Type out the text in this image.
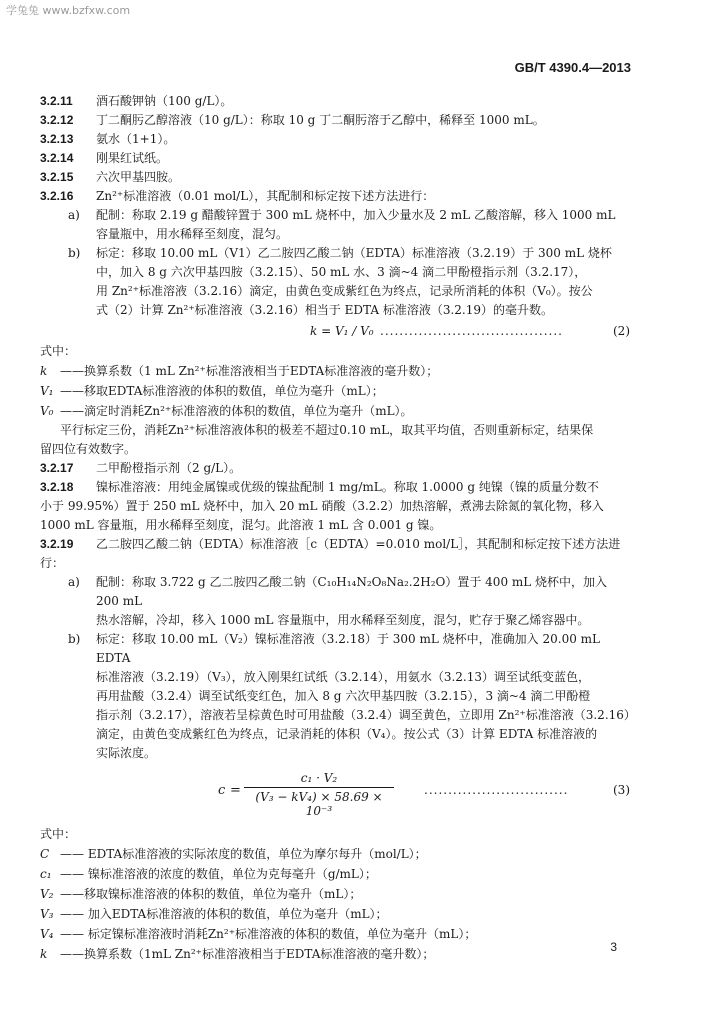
学兔兔 www.bzfxw.com
GB/T 4390.4—2013
3.2.11 酒石酸钾钠（100 g/L）。
3.2.12 丁二酮肟乙醇溶液（10 g/L）：称取 10 g 丁二酮肟溶于乙醇中，稀释至 1000 mL。
3.2.13 氨水（1+1）。
3.2.14 刚果红试纸。
3.2.15 六次甲基四胺。
3.2.16 Zn²⁺标准溶液（0.01 mol/L），其配制和标定按下述方法进行：
a) 配制：称取 2.19 g 醋酸锌置于 300 mL 烧杯中，加入少量水及 2 mL 乙酸溶解，移入 1000 mL
容量瓶中，用水稀释至刻度，混匀。
b) 标定：移取 10.00 mL（V1）乙二胺四乙酸二钠（EDTA）标准溶液（3.2.19）于 300 mL 烧杯
中，加入 8 g 六次甲基四胺（3.2.15）、50 mL 水、3 滴~4 滴二甲酚橙指示剂（3.2.17），
用 Zn²⁺标准溶液（3.2.16）滴定，由黄色变成紫红色为终点，记录所消耗的体积（V₀）。按公
式（2）计算 Zn²⁺标准溶液（3.2.16）相当于 EDTA 标准溶液（3.2.19）的毫升数。
k = V₁ / V₀ ......................................	(2)
式中：
k ——换算系数（1 mL Zn²⁺标准溶液相当于EDTA标准溶液的毫升数）；
V₁ ——移取EDTA标准溶液的体积的数值，单位为毫升（mL）；
V₀ ——滴定时消耗Zn²⁺标准溶液的体积的数值，单位为毫升（mL）。
平行标定三份，消耗Zn²⁺标准溶液体积的极差不超过0.10 mL，取其平均值，否则重新标定，结果保
留四位有效数字。
3.2.17 二甲酚橙指示剂（2 g/L）。
3.2.18 镍标准溶液：用纯金属镍或优级的镍盐配制 1 mg/mL。称取 1.0000 g 纯镍（镍的质量分数不
小于 99.95%）置于 250 mL 烧杯中，加入 20 mL 硝酸（3.2.2）加热溶解，煮沸去除氮的氧化物，移入
1000 mL 容量瓶，用水稀释至刻度，混匀。此溶液 1 mL 含 0.001 g 镍。
3.2.19 乙二胺四乙酸二钠（EDTA）标准溶液［c（EDTA）=0.010 mol/L］，其配制和标定按下述方法进
行：
a) 配制：称取 3.722 g 乙二胺四乙酸二钠（C₁₀H₁₄N₂O₈Na₂.2H₂O）置于 400 mL 烧杯中，加入 200 mL
热水溶解，冷却，移入 1000 mL 容量瓶中，用水稀释至刻度，混匀，贮存于聚乙烯容器中。
b) 标定：移取 10.00 mL（V₂）镍标准溶液（3.2.18）于 300 mL 烧杯中，准确加入 20.00 mL EDTA
标准溶液（3.2.19）（V₃），放入刚果红试纸（3.2.14），用氨水（3.2.13）调至试纸变蓝色，
再用盐酸（3.2.4）调至试纸变红色，加入 8 g 六次甲基四胺（3.2.15），3 滴~4 滴二甲酚橙
指示剂（3.2.17），溶液若呈棕黄色时可用盐酸（3.2.4）调至黄色，立即用 Zn²⁺标准溶液（3.2.16）
滴定，由黄色变成紫红色为终点，记录消耗的体积（V₄）。按公式（3）计算 EDTA 标准溶液的
实际浓度。
$c = \frac{\text{c₁ · V₂}}{\text{(V₃ − kV₄) × 58.69 × 10⁻³}}$	..............................	(3)
式中：
C —— EDTA标准溶液的实际浓度的数值，单位为摩尔每升（mol/L）；
c₁ —— 镍标准溶液的浓度的数值，单位为克每毫升（g/mL）；
V₂ ——移取镍标准溶液的体积的数值，单位为毫升（mL）；
V₃ —— 加入EDTA标准溶液的体积的数值，单位为毫升（mL）；
V₄ —— 标定镍标准溶液时消耗Zn²⁺标准溶液的体积的数值，单位为毫升（mL）；
k ——换算系数（1mL Zn²⁺标准溶液相当于EDTA标准溶液的毫升数）；	3
